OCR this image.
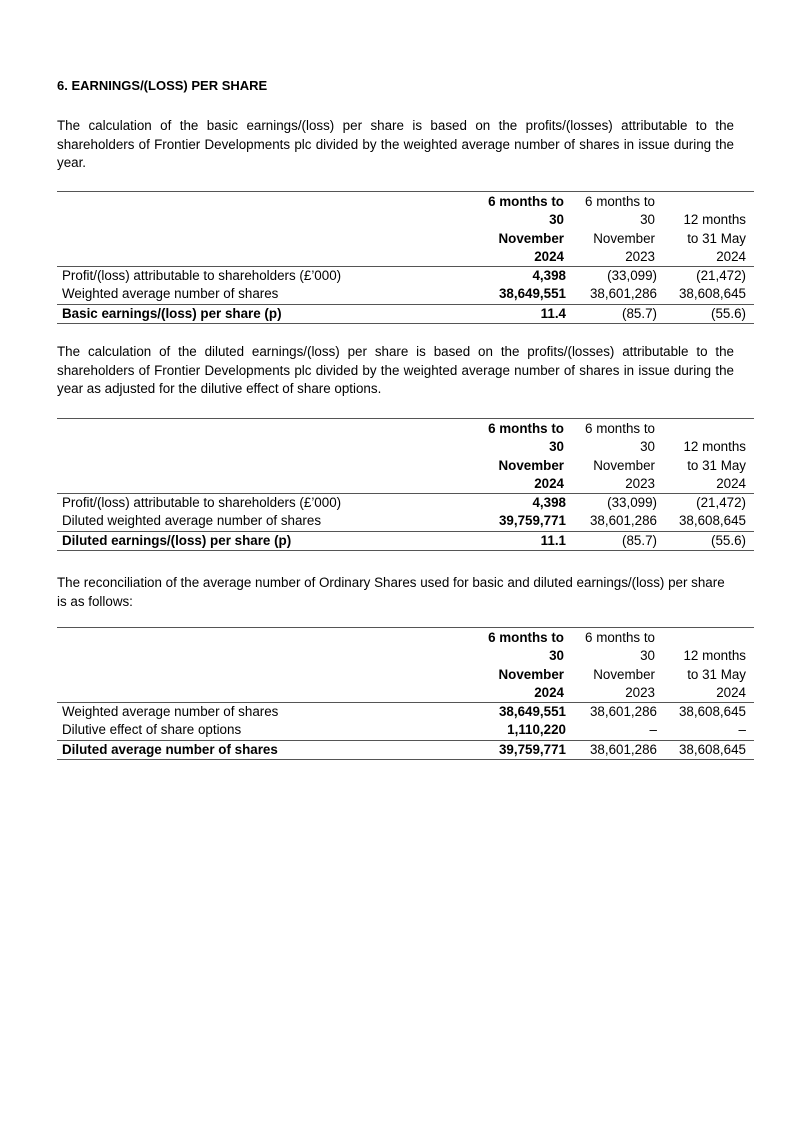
6. EARNINGS/(LOSS) PER SHARE

The calculation of the basic earnings/(loss) per share is based on the profits/(losses) attributable to the shareholders of Frontier Developments plc divided by the weighted average number of shares in issue during the year.

	6 months to
30
November
2024	6 months to
30
November
2023	12 months
to 31 May
2024
Profit/(loss) attributable to shareholders (£’000)	4,398	(33,099)	(21,472)
Weighted average number of shares	38,649,551	38,601,286	38,608,645
Basic earnings/(loss) per share (p)	11.4	(85.7)	(55.6)

The calculation of the diluted earnings/(loss) per share is based on the profits/(losses) attributable to the shareholders of Frontier Developments plc divided by the weighted average number of shares in issue during the year as adjusted for the dilutive effect of share options.

	6 months to
30
November
2024	6 months to
30
November
2023	12 months
to 31 May
2024
Profit/(loss) attributable to shareholders (£’000)	4,398	(33,099)	(21,472)
Diluted weighted average number of shares	39,759,771	38,601,286	38,608,645
Diluted earnings/(loss) per share (p)	11.1	(85.7)	(55.6)

The reconciliation of the average number of Ordinary Shares used for basic and diluted earnings/(loss) per share is as follows:

	6 months to
30
November
2024	6 months to
30
November
2023	12 months
to 31 May
2024
Weighted average number of shares	38,649,551	38,601,286	38,608,645
Dilutive effect of share options	1,110,220	–	–
Diluted average number of shares	39,759,771	38,601,286	38,608,645
